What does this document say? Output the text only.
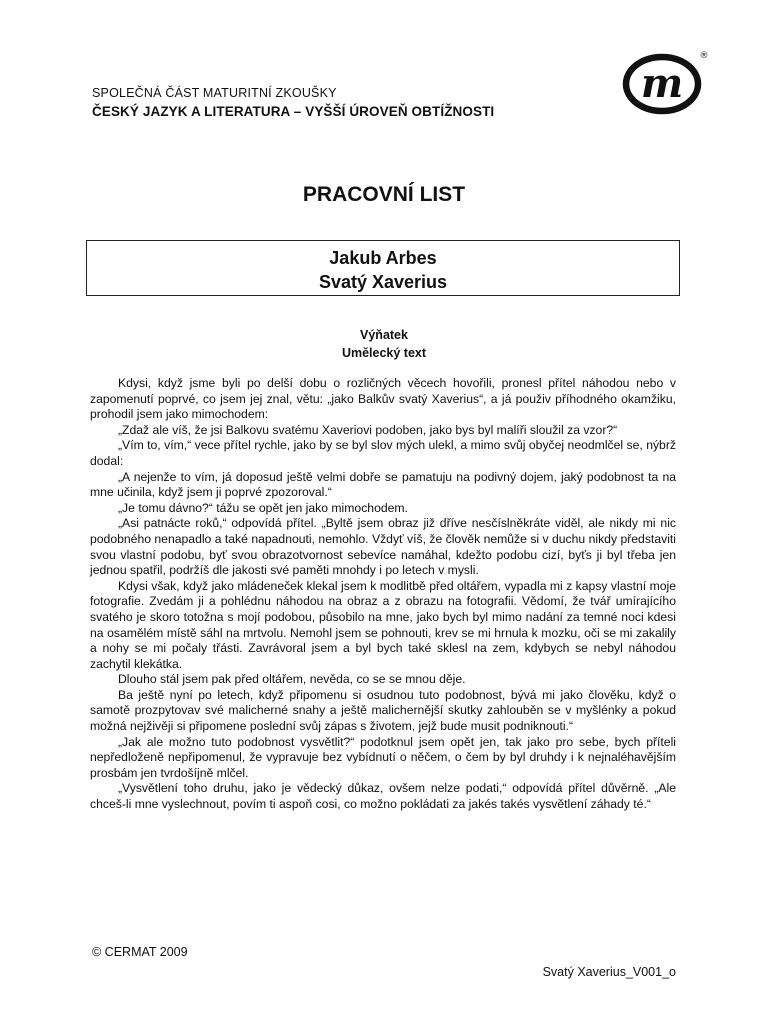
SPOLEČNÁ ČÁST MATURITNÍ ZKOUŠKY
ČESKÝ JAZYK A LITERATURA – VYŠŠÍ ÚROVEŇ OBTÍŽNOSTI
m
®
PRACOVNÍ LIST
Jakub Arbes
Svatý Xaverius
Výňatek
Umělecký text

Kdysi, když jsme byli po delší dobu o rozličných věcech hovořili, pronesl přítel náhodou nebo v zapomenutí poprvé, co jsem jej znal, větu: „jako Balkův svatý Xaverius“, a já použiv příhodného okamžiku, prohodil jsem jako mimochodem:

„Zdaž ale víš, že jsi Balkovu svatému Xaveriovi podoben, jako bys byl malíři sloužil za vzor?“

„Vím to, vím,“ vece přítel rychle, jako by se byl slov mých ulekl, a mimo svůj obyčej neodmlčel se, nýbrž dodal:

„A nejenže to vím, já doposud ještě velmi dobře se pamatuju na podivný dojem, jaký podobnost ta na mne učinila, když jsem ji poprvé zpozoroval.“

„Je tomu dávno?“ tážu se opět jen jako mimochodem.

„Asi patnácte roků,“ odpovídá přítel. „Byltě jsem obraz již dříve nesčíslněkráte viděl, ale nikdy mi nic podobného nenapadlo a také napadnouti, nemohlo. Vždyť víš, že člověk nemůže si v duchu nikdy představiti svou vlastní podobu, byť svou obrazotvornost sebevíce namáhal, kdežto podobu cizí, byťs ji byl třeba jen jednou spatřil, podržíš dle jakosti své paměti mnohdy i po letech v mysli.

Kdysi však, když jako mládeneček klekal jsem k modlitbě před oltářem, vypadla mi z kapsy vlastní moje fotografie. Zvedám ji a pohlédnu náhodou na obraz a z obrazu na fotografii. Vědomí, že tvář umírajícího svatého je skoro totožna s mojí podobou, působilo na mne, jako bych byl mimo nadání za temné noci kdesi na osamělém místě sáhl na mrtvolu. Nemohl jsem se pohnouti, krev se mi hrnula k mozku, oči se mi zakalily a nohy se mi počaly třásti. Zavrávoral jsem a byl bych také sklesl na zem, kdybych se nebyl náhodou zachytil klekátka.

Dlouho stál jsem pak před oltářem, nevěda, co se se mnou děje.

Ba ještě nyní po letech, když připomenu si osudnou tuto podobnost, bývá mi jako člověku, když o samotě prozpytovav své malicherné snahy a ještě malichernější skutky zahlouběn se v myšlénky a pokud možná nejživěji si připomene poslední svůj zápas s životem, jejž bude musit podniknouti.“

„Jak ale možno tuto podobnost vysvětlit?“ podotknul jsem opět jen, tak jako pro sebe, bych příteli nepředloženě nepřipomenul, že vypravuje bez vybídnutí o něčem, o čem by byl druhdy i k nejnaléhavějším prosbám jen tvrdošíjně mlčel.

„Vysvětlení toho druhu, jako je vědecký důkaz, ovšem nelze podati,“ odpovídá přítel důvěrně. „Ale chceš-li mne vyslechnout, povím ti aspoň cosi, co možno pokládati za jakés takés vysvětlení záhady té.“

© CERMAT 2009
Svatý Xaverius_V001_o
